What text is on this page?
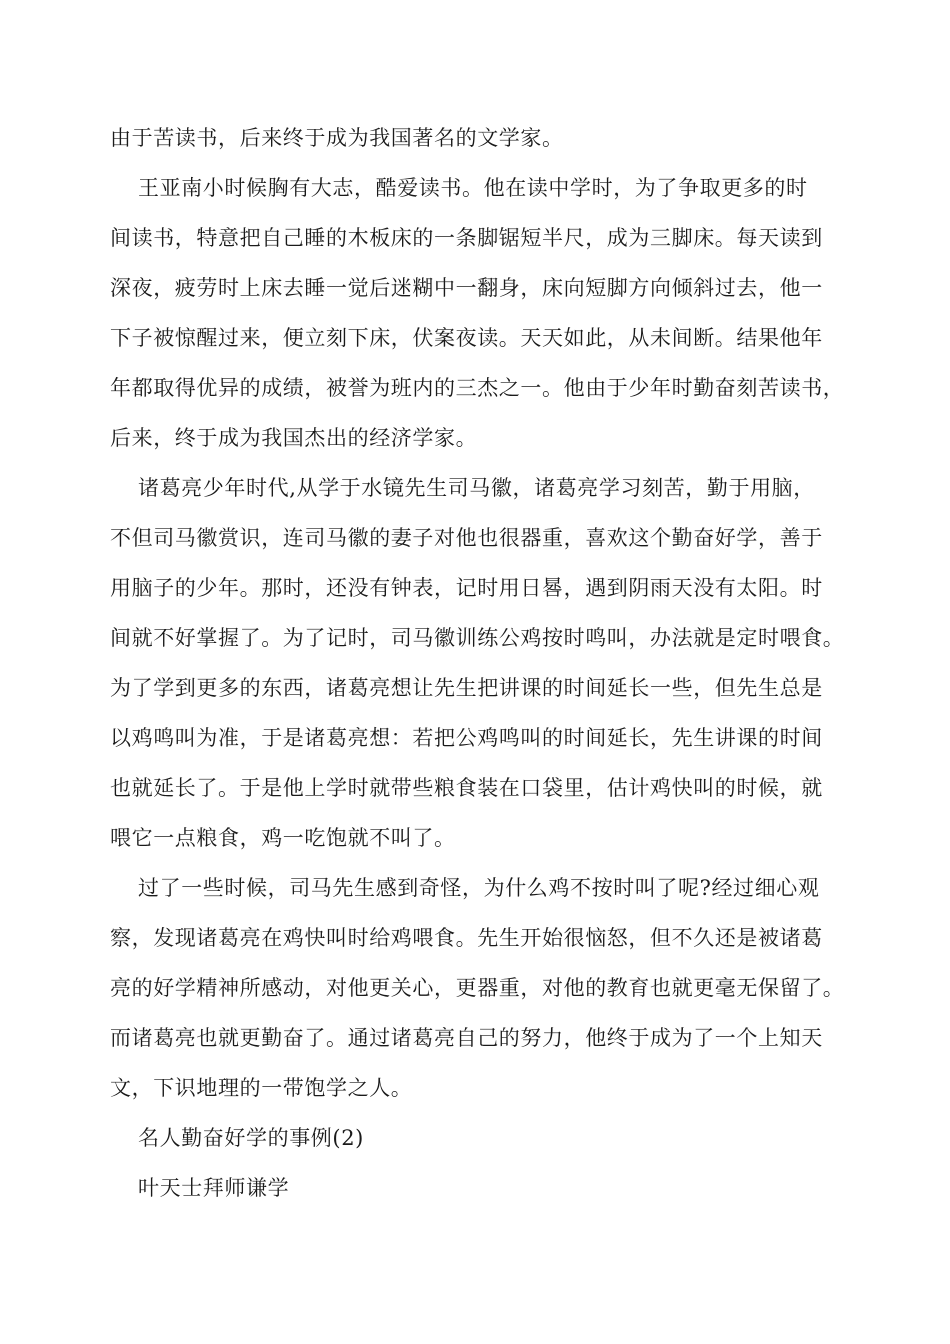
由于苦读书，后来终于成为我国著名的文学家。
王亚南小时候胸有大志，酷爱读书。他在读中学时，为了争取更多的时
间读书，特意把自己睡的木板床的一条脚锯短半尺，成为三脚床。每天读到
深夜，疲劳时上床去睡一觉后迷糊中一翻身，床向短脚方向倾斜过去，他一
下子被惊醒过来，便立刻下床，伏案夜读。天天如此，从未间断。结果他年
年都取得优异的成绩，被誉为班内的三杰之一。他由于少年时勤奋刻苦读书，
后来，终于成为我国杰出的经济学家。
诸葛亮少年时代,从学于水镜先生司马徽，诸葛亮学习刻苦，勤于用脑，
不但司马徽赏识，连司马徽的妻子对他也很器重，喜欢这个勤奋好学，善于
用脑子的少年。那时，还没有钟表，记时用日晷，遇到阴雨天没有太阳。时
间就不好掌握了。为了记时，司马徽训练公鸡按时鸣叫，办法就是定时喂食。
为了学到更多的东西，诸葛亮想让先生把讲课的时间延长一些，但先生总是
以鸡鸣叫为准，于是诸葛亮想：若把公鸡鸣叫的时间延长，先生讲课的时间
也就延长了。于是他上学时就带些粮食装在口袋里，估计鸡快叫的时候，就
喂它一点粮食，鸡一吃饱就不叫了。
过了一些时候，司马先生感到奇怪，为什么鸡不按时叫了呢?经过细心观
察，发现诸葛亮在鸡快叫时给鸡喂食。先生开始很恼怒，但不久还是被诸葛
亮的好学精神所感动，对他更关心，更器重，对他的教育也就更毫无保留了。
而诸葛亮也就更勤奋了。通过诸葛亮自己的努力，他终于成为了一个上知天
文，下识地理的一带饱学之人。
名人勤奋好学的事例(2)
叶天士拜师谦学
